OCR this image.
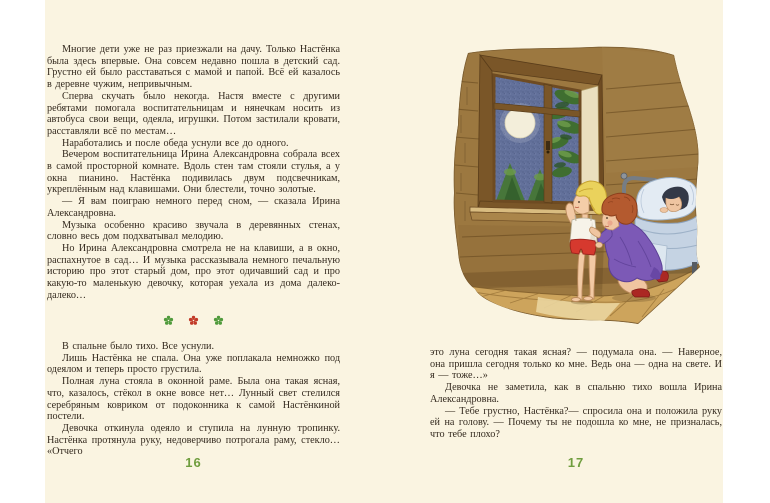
Многие дети уже не раз приезжали на дачу. Только Настёнка была здесь впервые. Она совсем недавно пошла в детский сад. Грустно ей было расставаться с мамой и папой. Всё ей казалось в деревне чужим, непривычным.

Сперва скучать было некогда. Настя вместе с другими ребятами помогала воспитательницам и нянечкам носить из автобуса свои вещи, одеяла, игрушки. Потом застилали кровати, расставляли всё по местам…

Наработались и после обеда уснули все до одного.

Вечером воспитательница Ирина Александровна собрала всех в самой просторной комнате. Вдоль стен там стояли стулья, а у окна пианино. Настёнка подивилась двум подсвечникам, укреплённым над клавишами. Они блестели, точно золотые.

— Я вам поиграю немного перед сном, — сказала Ирина Александровна.

Музыка особенно красиво звучала в деревянных стенах, словно весь дом подхватывал мелодию.

Но Ирина Александровна смотрела не на клавиши, а в окно, распахнутое в сад… И музыка рассказывала немного печальную историю про этот старый дом, про этот одичавший сад и про какую-то маленькую девочку, которая уехала из дома далеко-далеко…

В спальне было тихо. Все уснули.

Лишь Настёнка не спала. Она уже поплакала немножко под одеялом и теперь просто грустила.

Полная луна стояла в оконной раме. Была она такая ясная, что, казалось, стёкол в окне вовсе нет… Лунный свет стелился серебряным ковриком от подоконника к самой Настёнкиной постели.

Девочка откинула одеяло и ступила на лунную тропинку. Настёнка протянула руку, недоверчиво потрогала раму, стекло… «Отчего

16

это луна сегодня такая ясная? — подумала она. — Наверное, она пришла сегодня только ко мне. Ведь она — одна на свете. И я — тоже…»

Девочка не заметила, как в спальню тихо вошла Ирина Александровна.

— Тебе грустно, Настёнка?— спросила она и положила руку ей на голову. — Почему ты не подошла ко мне, не призналась, что тебе плохо?

17
